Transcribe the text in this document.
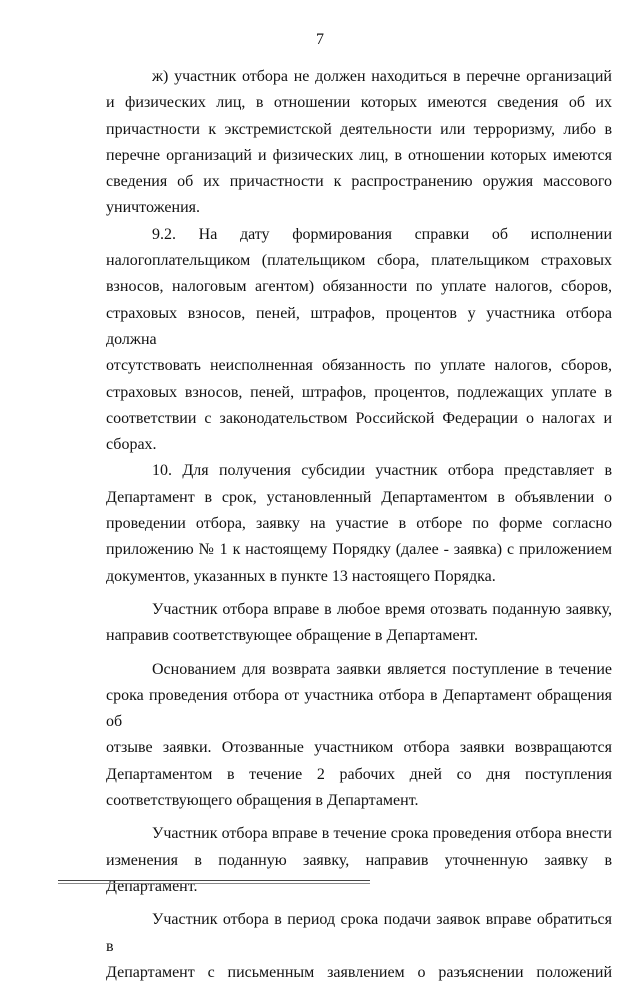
7

ж) участник отбора не должен находиться в перечне организаций
и физических лиц, в отношении которых имеются сведения об их
причастности к экстремистской деятельности или терроризму, либо в
перечне организаций и физических лиц, в отношении которых имеются
сведения об их причастности к распространению оружия массового
уничтожения.

9.2. На дату формирования справки об исполнении
налогоплательщиком (плательщиком сбора, плательщиком страховых
взносов, налоговым агентом) обязанности по уплате налогов, сборов,
страховых взносов, пеней, штрафов, процентов у участника отбора должна
отсутствовать неисполненная обязанность по уплате налогов, сборов,
страховых взносов, пеней, штрафов, процентов, подлежащих уплате в
соответствии с законодательством Российской Федерации о налогах и
сборах.

10. Для получения субсидии участник отбора представляет в
Департамент в срок, установленный Департаментом в объявлении о
проведении отбора, заявку на участие в отборе по форме согласно
приложению № 1 к настоящему Порядку (далее - заявка) с приложением
документов, указанных в пункте 13 настоящего Порядка.

Участник отбора вправе в любое время отозвать поданную заявку,
направив соответствующее обращение в Департамент.

Основанием для возврата заявки является поступление в течение
срока проведения отбора от участника отбора в Департамент обращения об
отзыве заявки. Отозванные участником отбора заявки возвращаются
Департаментом в течение 2 рабочих дней со дня поступления
соответствующего обращения в Департамент.

Участник отбора вправе в течение срока проведения отбора внести
изменения в поданную заявку, направив уточненную заявку в Департамент.

Участник отбора в период срока подачи заявок вправе обратиться в
Департамент с письменным заявлением о разъяснении положений
